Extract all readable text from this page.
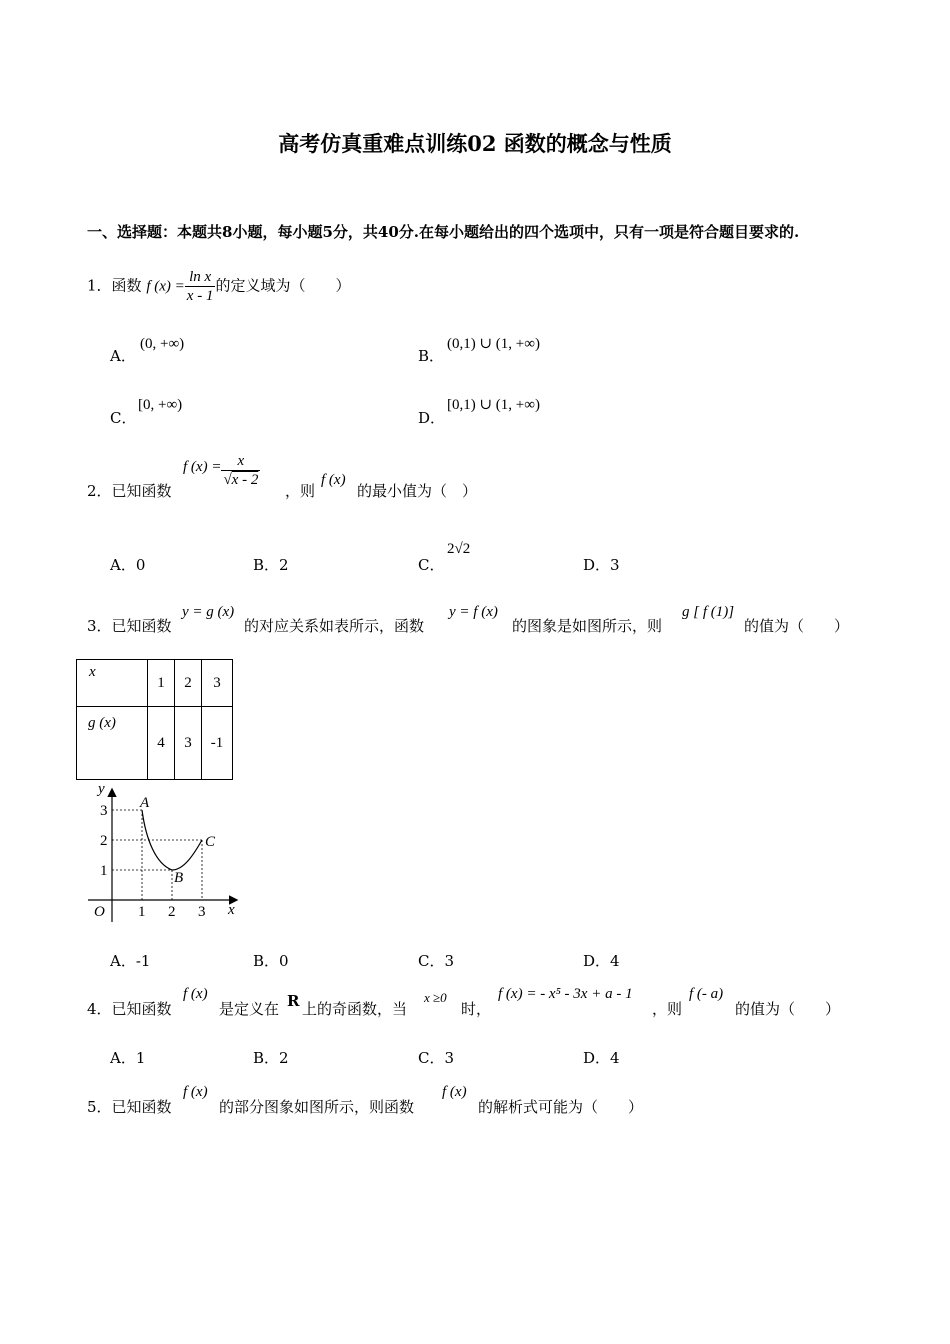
高考仿真重难点训练02 函数的概念与性质
一、选择题：本题共8小题，每小题5分，共40分.在每小题给出的四个选项中，只有一项是符合题目要求的.
1．函数 f $(x) = \frac{\text{ln x}}{x - 1}$ 的定义域为（　　）
A．
(0, +∞)
B．
(0,1) ∪ (1, +∞)
C．
[0, +∞)
D．
[0,1) ∪ (1, +∞)
2．已知函数
f $(x) = \frac{x}{√x - 2}$
，则
f (x)
的最小值为（　）
A．0	B．2	C．
2√2
D．3
3．已知函数
y = g (x)
的对应关系如表所示，函数
y = f (x)
的图象是如图所示，则
g [ f (1)]
的值为（　　）
x	1	2	3
g (x)	4	3	-1
y
x
O
3
2
1
1 2 3
A
B
C
A．-1	B．0	C．3	D．4
4．已知函数
f (x)
是定义在 R 上的奇函数，当
x ≥0
时，
f (x) = - x⁵ - 3x + a - 1
，则
f (- a)
的值为（　　）
A．1	B．2	C．3	D．4
5．已知函数
f (x)
的部分图象如图所示，则函数
f (x)
的解析式可能为（　　）
